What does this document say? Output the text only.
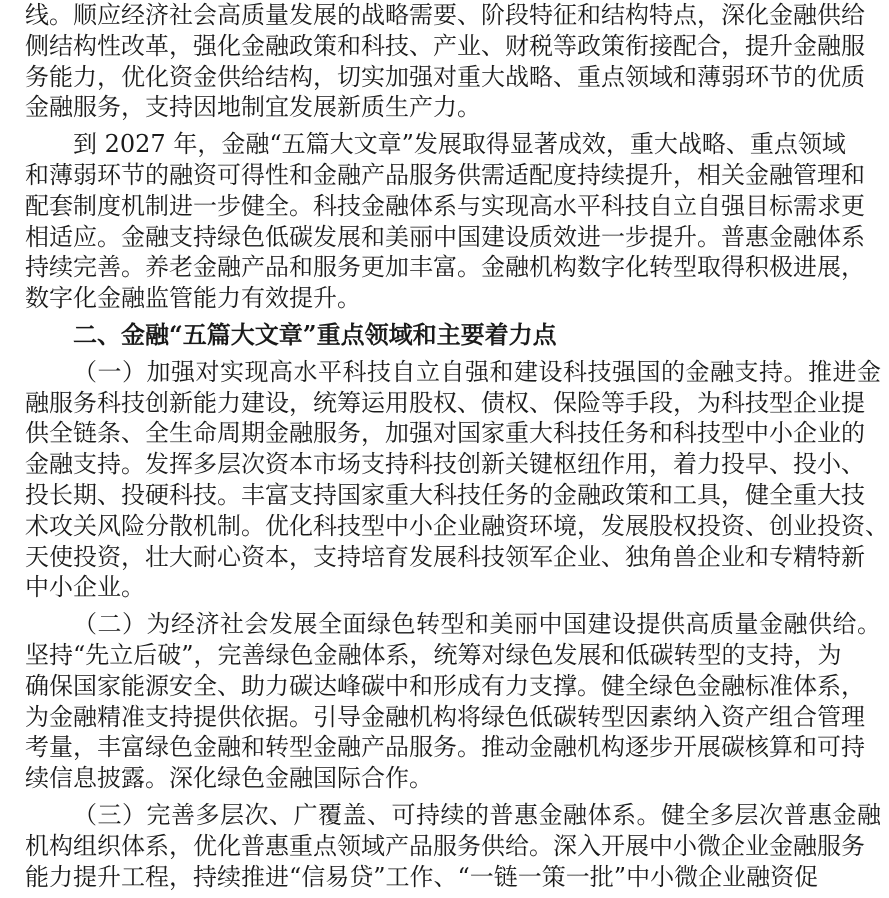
线。顺应经济社会高质量发展的战略需要、阶段特征和结构特点，深化金融供给
侧结构性改革，强化金融政策和科技、产业、财税等政策衔接配合，提升金融服
务能力，优化资金供给结构，切实加强对重大战略、重点领域和薄弱环节的优质
金融服务，支持因地制宜发展新质生产力。
到 2027 年，金融“五篇大文章”发展取得显著成效，重大战略、重点领域
和薄弱环节的融资可得性和金融产品服务供需适配度持续提升，相关金融管理和
配套制度机制进一步健全。科技金融体系与实现高水平科技自立自强目标需求更
相适应。金融支持绿色低碳发展和美丽中国建设质效进一步提升。普惠金融体系
持续完善。养老金融产品和服务更加丰富。金融机构数字化转型取得积极进展，
数字化金融监管能力有效提升。
二、金融“五篇大文章”重点领域和主要着力点
（一）加强对实现高水平科技自立自强和建设科技强国的金融支持。推进金
融服务科技创新能力建设，统筹运用股权、债权、保险等手段，为科技型企业提
供全链条、全生命周期金融服务，加强对国家重大科技任务和科技型中小企业的
金融支持。发挥多层次资本市场支持科技创新关键枢纽作用，着力投早、投小、
投长期、投硬科技。丰富支持国家重大科技任务的金融政策和工具，健全重大技
术攻关风险分散机制。优化科技型中小企业融资环境，发展股权投资、创业投资、
天使投资，壮大耐心资本，支持培育发展科技领军企业、独角兽企业和专精特新
中小企业。
（二）为经济社会发展全面绿色转型和美丽中国建设提供高质量金融供给。
坚持“先立后破”，完善绿色金融体系，统筹对绿色发展和低碳转型的支持，为
确保国家能源安全、助力碳达峰碳中和形成有力支撑。健全绿色金融标准体系，
为金融精准支持提供依据。引导金融机构将绿色低碳转型因素纳入资产组合管理
考量，丰富绿色金融和转型金融产品服务。推动金融机构逐步开展碳核算和可持
续信息披露。深化绿色金融国际合作。
（三）完善多层次、广覆盖、可持续的普惠金融体系。健全多层次普惠金融
机构组织体系，优化普惠重点领域产品服务供给。深入开展中小微企业金融服务
能力提升工程，持续推进“信易贷”工作、“一链一策一批”中小微企业融资促
